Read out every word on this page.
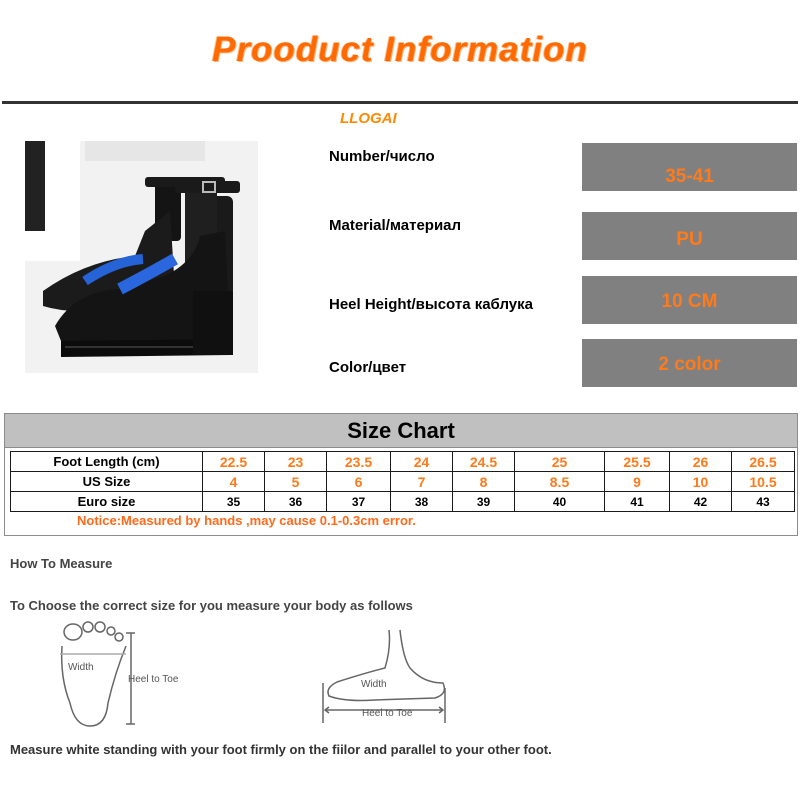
Prooduct Information
LLOGAI
Number/число
35-41
Material/материал
PU
Heel Height/высота каблука	10 CM
Color/цвет	2 color
Size Chart
Foot Length (cm)	22.5	23	23.5	24	24.5	25	25.5	26	26.5
US Size	4	5	6	7	8	8.5	9	10	10.5
Euro size	35	36	37	38	39	40	41	42	43
Notice:Measured by hands ,may cause 0.1-0.3cm error.
How To Measure
To Choose the correct size for you measure your body as follows
Width
Heel to Toe	Width
Heel to Toe
Measure white standing with your foot firmly on the fiilor and parallel to your other foot.
